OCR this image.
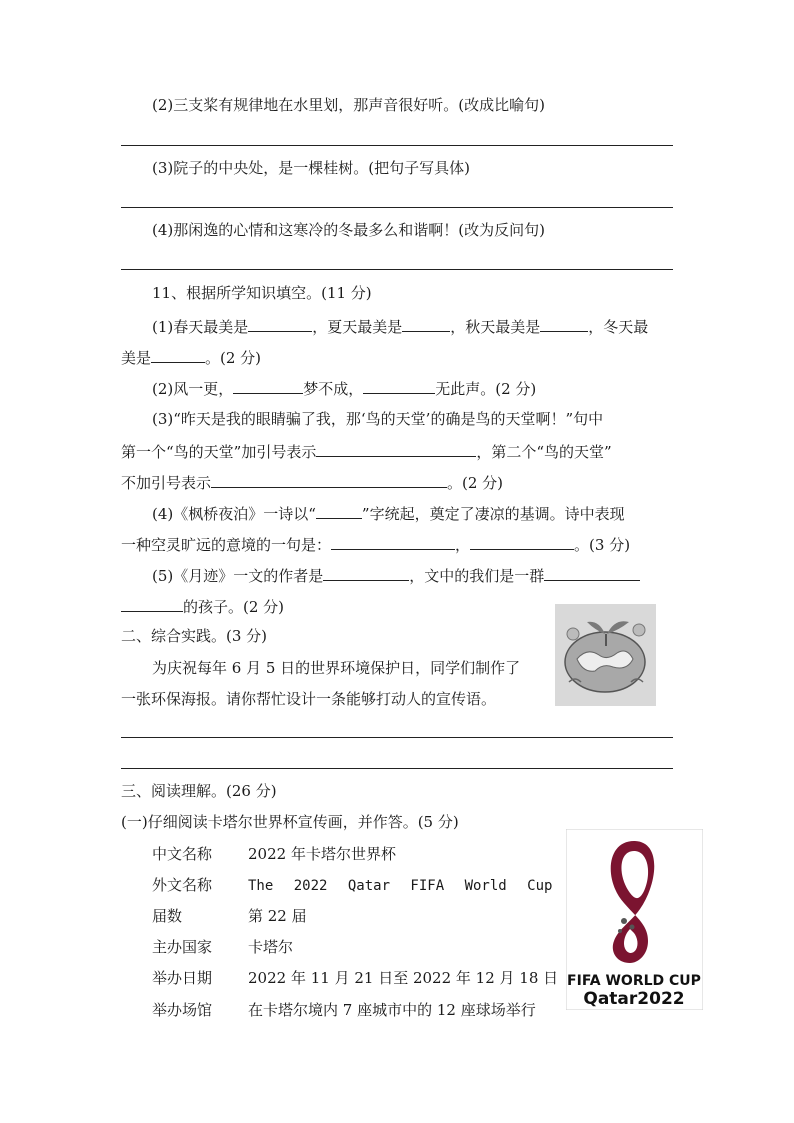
(2)三支桨有规律地在水里划，那声音很好听。(改成比喻句)
(3)院子的中央处，是一棵桂树。(把句子写具体)
(4)那闲逸的心情和这寒冷的冬最多么和谐啊！(改为反问句)
11、根据所学知识填空。(11 分)
(1)春天最美是	，夏天最美是	，秋天最美是	，冬天最
美是	。(2 分)
(2)风一更，	梦不成，	无此声。(2 分)
(3)“昨天是我的眼睛骗了我，那‘鸟的天堂’的确是鸟的天堂啊！”句中
第一个“鸟的天堂”加引号表示	，第二个“鸟的天堂”
不加引号表示	。(2 分)
(4)《枫桥夜泊》一诗以“	”字统起，奠定了凄凉的基调。诗中表现
一种空灵旷远的意境的一句是：	，	。(3 分)
(5)《月迹》一文的作者是	，文中的我们是一群
的孩子。(2 分)
二、综合实践。(3 分)
为庆祝每年 6 月 5 日的世界环境保护日，同学们制作了
一张环保海报。请你帮忙设计一条能够打动人的宣传语。
三、阅读理解。(26 分)
(一)仔细阅读卡塔尔世界杯宣传画，并作答。(5 分)
中文名称 2022 年卡塔尔世界杯
外文名称	The 2022 Qatar FIFA World Cup
届数	第 22 届
主办国家 卡塔尔
举办日期 2022 年 11 月 21 日至 2022 年 12 月 18 日
举办场馆 在卡塔尔境内 7 座城市中的 12 座球场举行
FIFA WORLD CUP
Qatar2022
